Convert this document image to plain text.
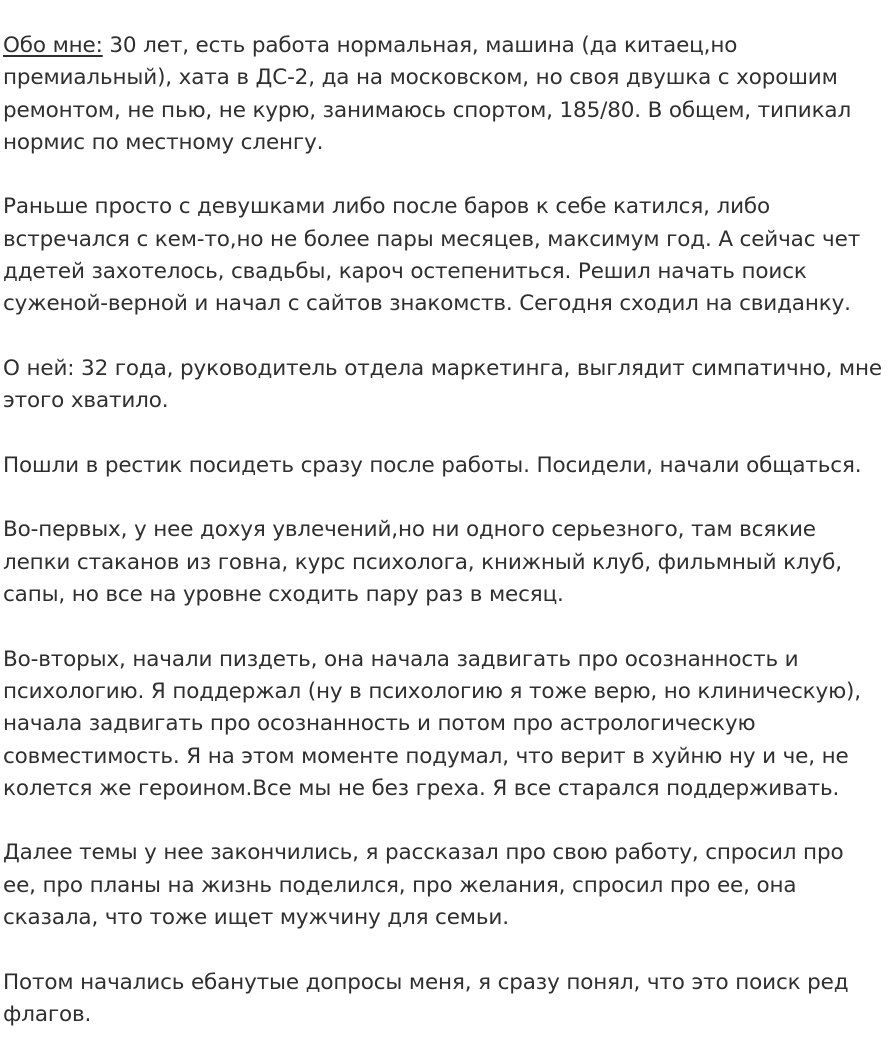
Обо мне: 30 лет, есть работа нормальная, машина (да китаец,но
премиальный), хата в ДС-2, да на московском, но своя двушка с хорошим
ремонтом, не пью, не курю, занимаюсь спортом, 185/80. В общем, типикал
нормис по местному сленгу.

Раньше просто с девушками либо после баров к себе катился, либо
встречался с кем-то,но не более пары месяцев, максимум год. А сейчас чет
ддетей захотелось, свадьбы, кароч остепениться. Решил начать поиск
суженой-верной и начал с сайтов знакомств. Сегодня сходил на свиданку.

О ней: 32 года, руководитель отдела маркетинга, выглядит симпатично, мне
этого хватило.

Пошли в рестик посидеть сразу после работы. Посидели, начали общаться.

Во-первых, у нее дохуя увлечений,но ни одного серьезного, там всякие
лепки стаканов из говна, курс психолога, книжный клуб, фильмный клуб,
сапы, но все на уровне сходить пару раз в месяц.

Во-вторых, начали пиздеть, она начала задвигать про осознанность и
психологию. Я поддержал (ну в психологию я тоже верю, но клиническую),
начала задвигать про осознанность и потом про астрологическую
совместимость. Я на этом моменте подумал, что верит в хуйню ну и че, не
колется же героином.Все мы не без греха. Я все старался поддерживать.

Далее темы у нее закончились, я рассказал про свою работу, спросил про
ее, про планы на жизнь поделился, про желания, спросил про ее, она
сказала, что тоже ищет мужчину для семьи.

Потом начались ебанутые допросы меня, я сразу понял, что это поиск ред
флагов.
